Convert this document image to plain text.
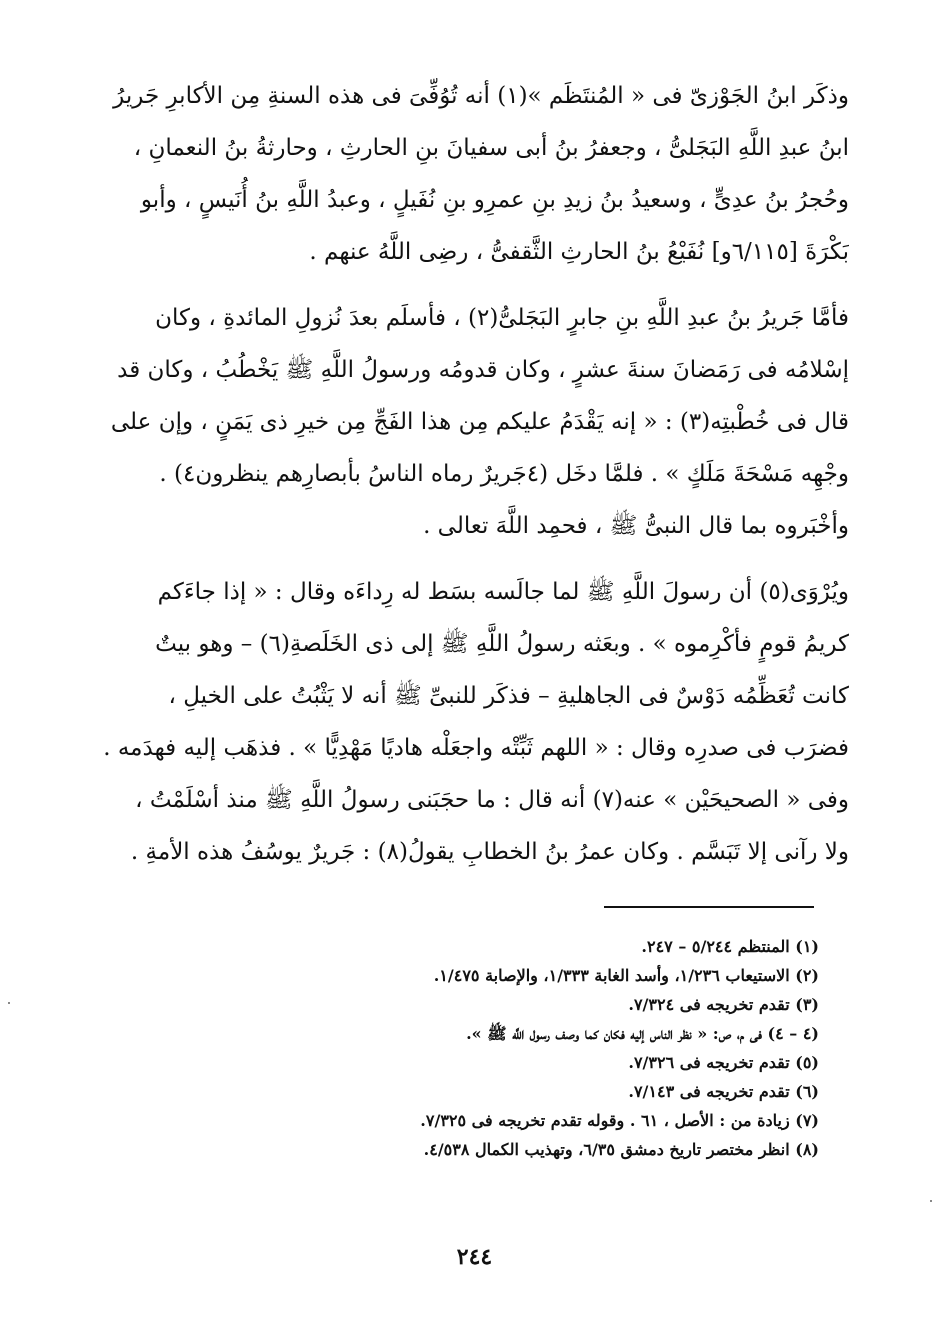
وذكَر ابنُ الجَوْزىّ فى « المُنتَظَم »(١) أنه تُوُفِّىَ فى هذه السنةِ مِن الأكابرِ جَريرُ
ابنُ عبدِ اللَّهِ البَجَلىُّ ، وجعفرُ بنُ أبى سفيانَ بنِ الحارثِ ، وحارثةُ بنُ النعمانِ ،
وحُجرُ بنُ عدِىٍّ ، وسعيدُ بنُ زيدِ بنِ عمرِو بنِ نُفَيلٍ ، وعبدُ اللَّهِ بنُ أُنَيسٍ ، وأبو
بَكْرَةَ [٦/١١٥و] نُفَيْعُ بنُ الحارثِ الثَّقفىُّ ، رضِى اللَّهُ عنهم .
فأمَّا جَريرُ بنُ عبدِ اللَّهِ بنِ جابرٍ البَجَلىُّ(٢) ، فأسلَم بعدَ نُزولِ المائدةِ ، وكان
إسْلامُه فى رَمَضانَ سنةَ عشرٍ ، وكان قدومُه ورسولُ اللَّهِ ﷺ يَخْطُبُ ، وكان قد
قال فى خُطْبتِه(٣) : « إنه يَقْدَمُ عليكم مِن هذا الفَجِّ مِن خيرِ ذى يَمَنٍ ، وإن على
وجْهِه مَسْحَةَ مَلَكٍ » . فلمَّا دخَل (٤جَريرٌ رماه الناسُ بأبصارِهم ينظرون٤) .
وأخْبَروه بما قال النبىُّ ﷺ ، فحمِد اللَّهَ تعالى .
ويُرْوَى(٥) أن رسولَ اللَّهِ ﷺ لما جالَسه بسَط له رِداءَه وقال : « إذا جاءَكم
كريمُ قومٍ فأكْرِموه » . وبعَثه رسولُ اللَّهِ ﷺ إلى ذى الخَلَصةِ(٦) – وهو بيتٌ
كانت تُعَظِّمُه دَوْسٌ فى الجاهليةِ – فذكَر للنبىِّ ﷺ أنه لا يَثْبُتُ على الخيلِ ،
فضرَب فى صدرِه وقال : « اللهم ثَبِّتْه واجعَلْه هاديًا مَهْدِيًّا » . فذهَب إليه فهدَمه .
وفى « الصحيحَيْن » عنه(٧) أنه قال : ما حجَبَنى رسولُ اللَّهِ ﷺ منذ أسْلَمْتُ ،
ولا رآنى إلا تَبَسَّم . وكان عمرُ بنُ الخطابِ يقولُ(٨) : جَريرٌ يوسُفُ هذه الأمةِ .
(١) المنتظم ٥/٢٤٤ – ٢٤٧.
(٢) الاستيعاب ١/٢٣٦، وأسد الغابة ١/٣٣٣، والإصابة ١/٤٧٥.
(٣) تقدم تخريجه فى ٧/٣٢٤.
(٤ – ٤) فى م، ص: « نظر الناس إليه فكان كما وصف رسول اللَّه ﷺ ».
(٥) تقدم تخريجه فى ٧/٣٢٦.
(٦) تقدم تخريجه فى ٧/١٤٣.
(٧) زيادة من : الأصل ، ٦١ . وقوله تقدم تخريجه فى ٧/٣٢٥.
(٨) انظر مختصر تاريخ دمشق ٦/٣٥، وتهذيب الكمال ٤/٥٣٨.
٢٤٤
